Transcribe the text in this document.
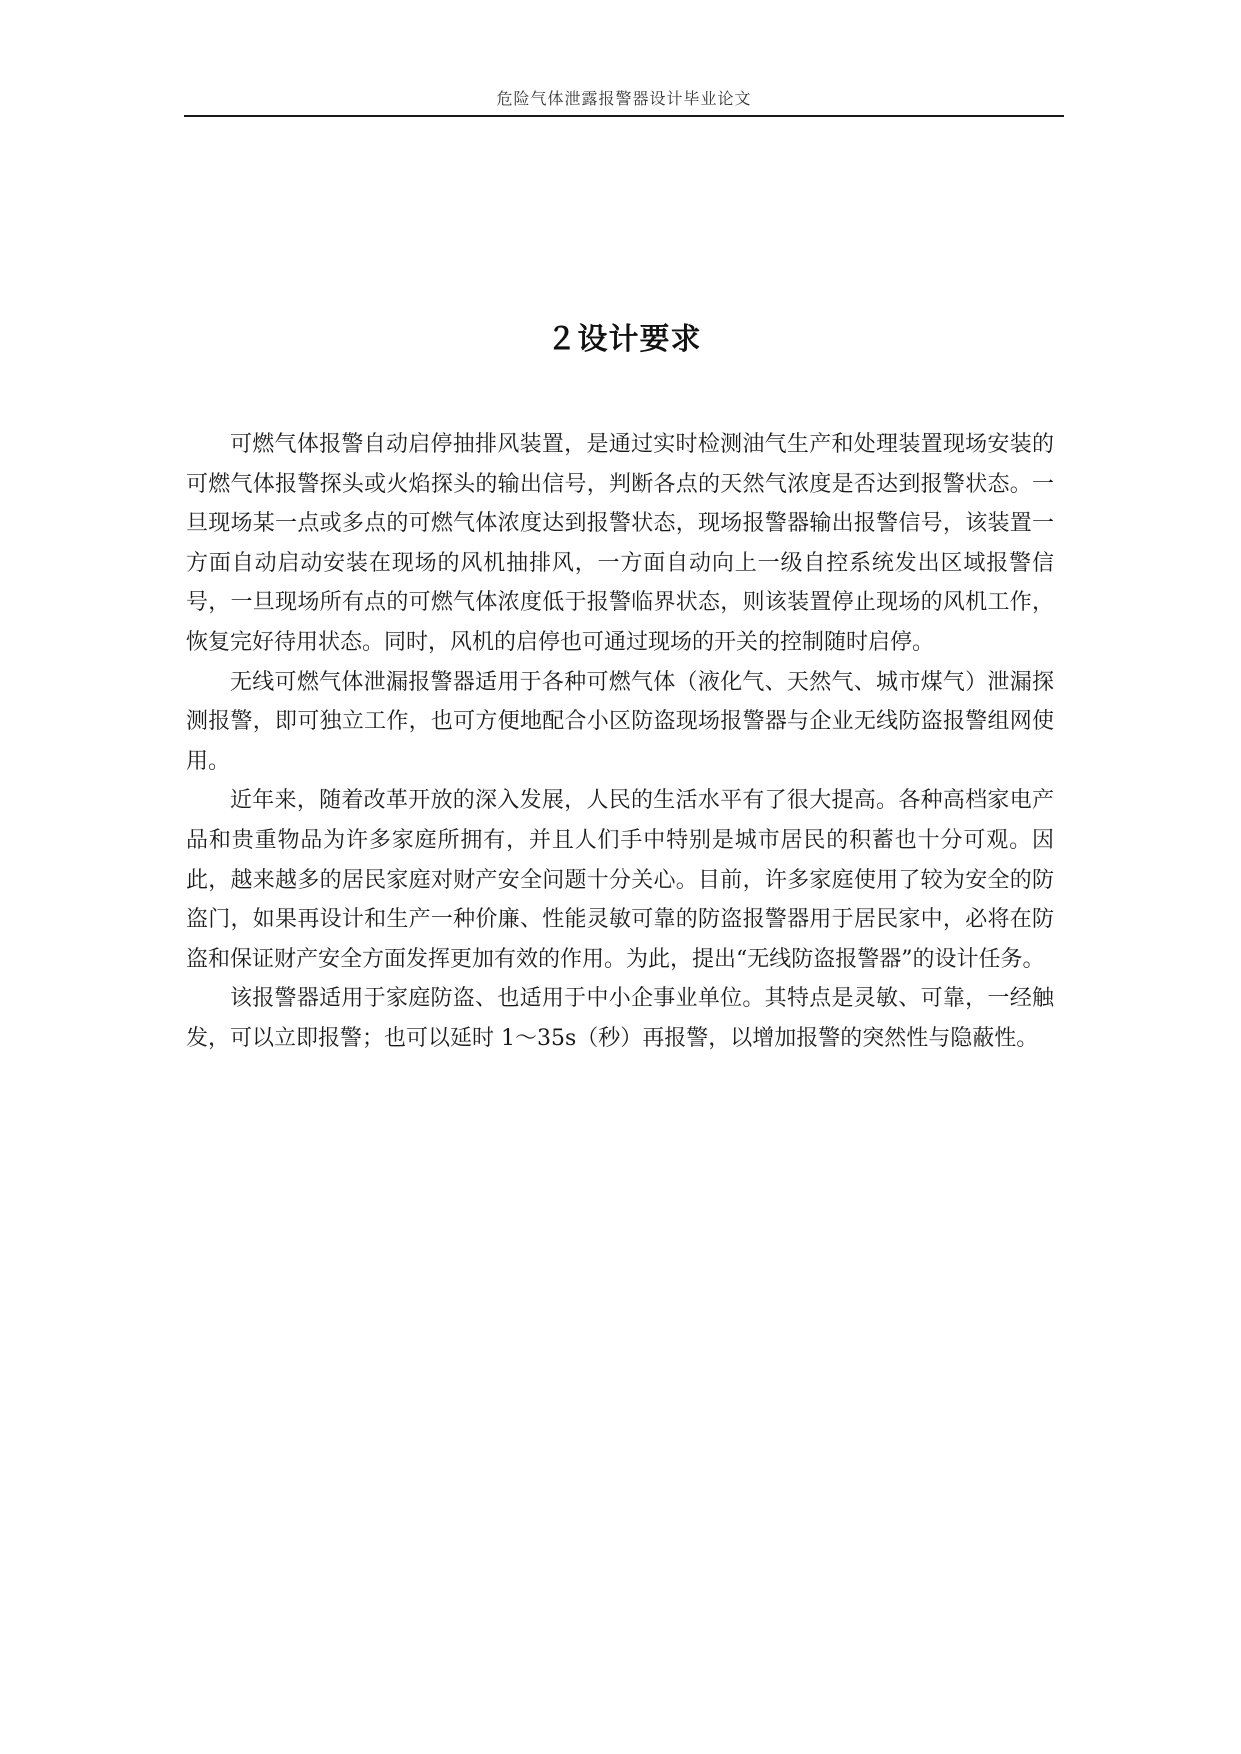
危险气体泄露报警器设计毕业论文
２设计要求

可燃气体报警自动启停抽排风装置，是通过实时检测油气生产和处理装置现场安装的可燃气体报警探头或火焰探头的输出信号，判断各点的天然气浓度是否达到报警状态。一旦现场某一点或多点的可燃气体浓度达到报警状态，现场报警器输出报警信号，该装置一方面自动启动安装在现场的风机抽排风，一方面自动向上一级自控系统发出区域报警信号，一旦现场所有点的可燃气体浓度低于报警临界状态，则该装置停止现场的风机工作，恢复完好待用状态。同时，风机的启停也可通过现场的开关的控制随时启停。

无线可燃气体泄漏报警器适用于各种可燃气体（液化气、天然气、城市煤气）泄漏探测报警，即可独立工作，也可方便地配合小区防盗现场报警器与企业无线防盗报警组网使用。

近年来，随着改革开放的深入发展，人民的生活水平有了很大提高。各种高档家电产品和贵重物品为许多家庭所拥有，并且人们手中特别是城市居民的积蓄也十分可观。因此，越来越多的居民家庭对财产安全问题十分关心。目前，许多家庭使用了较为安全的防盗门，如果再设计和生产一种价廉、性能灵敏可靠的防盗报警器用于居民家中，必将在防盗和保证财产安全方面发挥更加有效的作用。为此，提出“无线防盗报警器”的设计任务。

该报警器适用于家庭防盗、也适用于中小企事业单位。其特点是灵敏、可靠，一经触发，可以立即报警；也可以延时 1～35s（秒）再报警，以增加报警的突然性与隐蔽性。
